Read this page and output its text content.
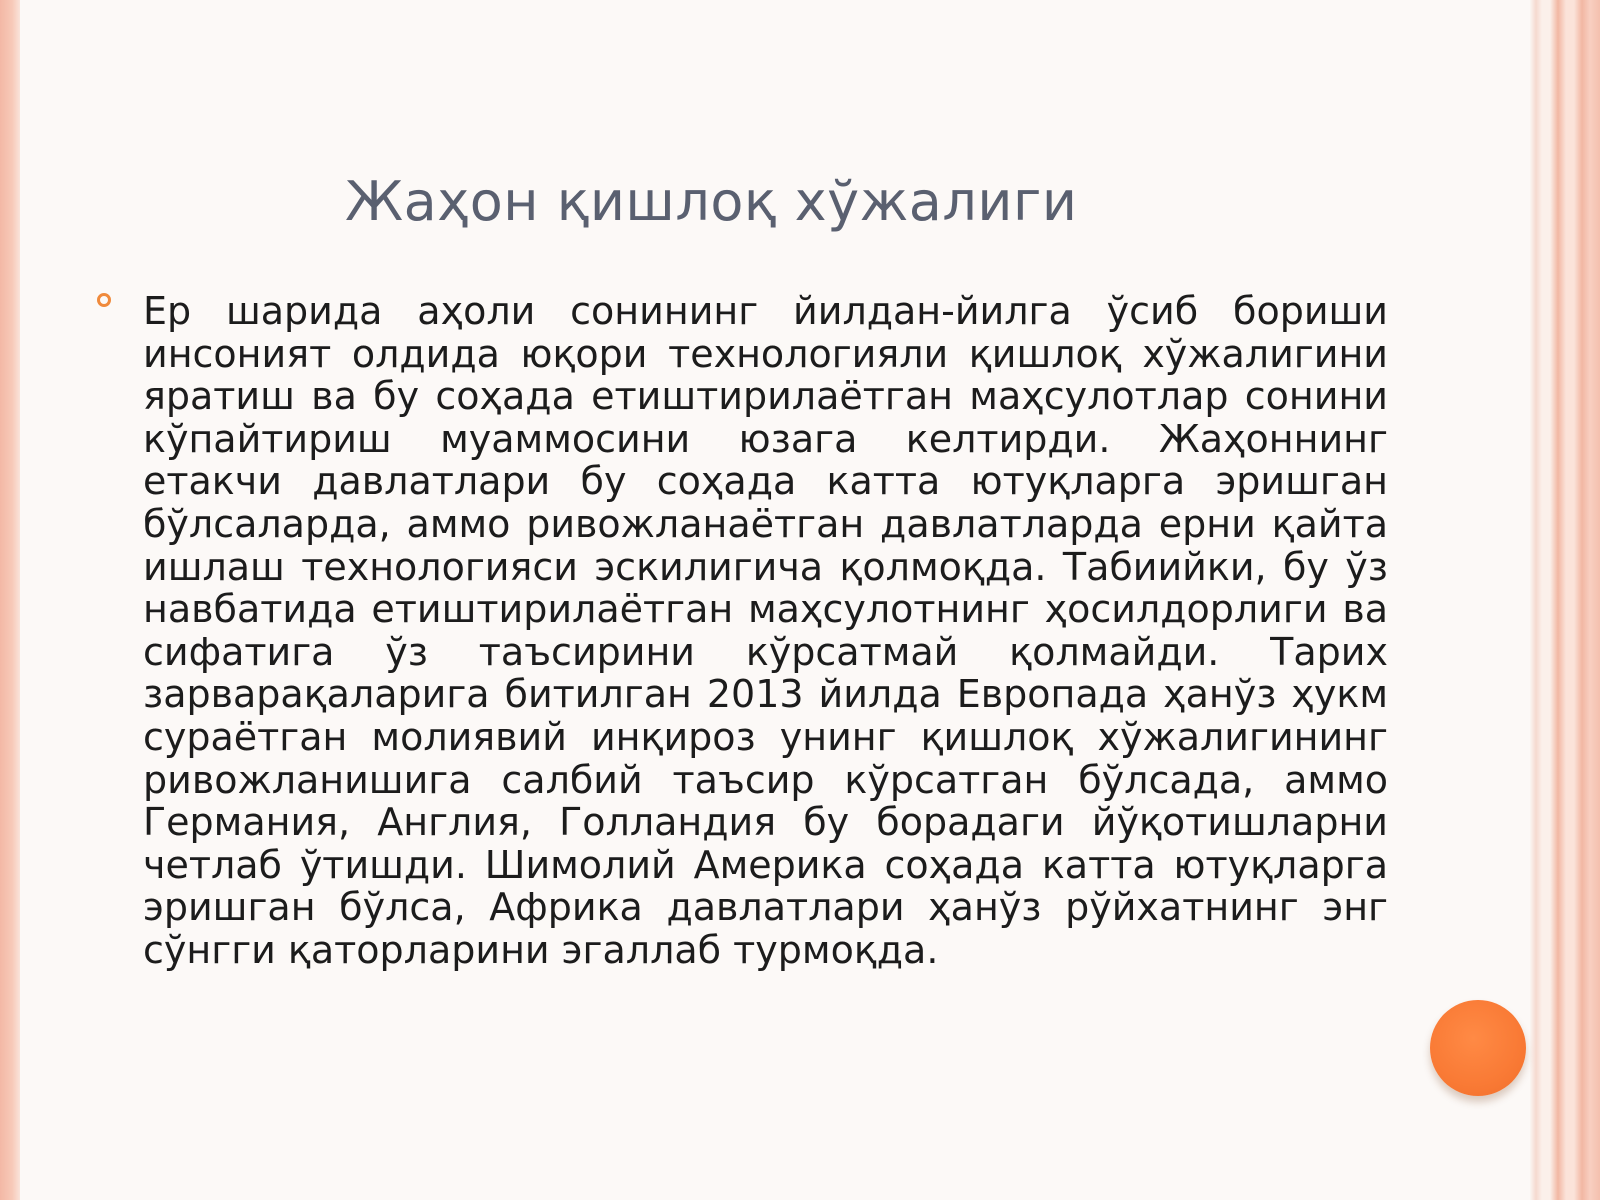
Жаҳон қишлоқ хўжалиги

Ер шарида аҳоли сонининг йилдан-йилга ўсиб бориши инсоният олдида юқори технологияли қишлоқ хўжалигини яратиш ва бу соҳада етиштирилаётган маҳсулотлар сонини кўпайтириш муаммосини юзага келтирди. Жаҳоннинг етакчи давлатлари бу соҳада катта ютуқларга эришган бўлсаларда, аммо ривожланаётган давлатларда ерни қайта ишлаш технологияси эскилигича қолмоқда. Табиийки, бу ўз навбатида етиштирилаётган маҳсулотнинг ҳосилдорлиги ва сифатига ўз таъсирини кўрсатмай қолмайди. Тарих зарварақаларига битилган 2013 йилда Европада ҳанўз ҳукм сураётган молиявий инқироз унинг қишлоқ хўжалигининг ривожланишига салбий таъсир кўрсатган бўлсада, аммо Германия, Англия, Голландия бу борадаги йўқотишларни четлаб ўтишди. Шимолий Америка соҳада катта ютуқларга эришган бўлса, Африка давлатлари ҳанўз рўйхатнинг энг сўнгги қаторларини эгаллаб турмоқда.
